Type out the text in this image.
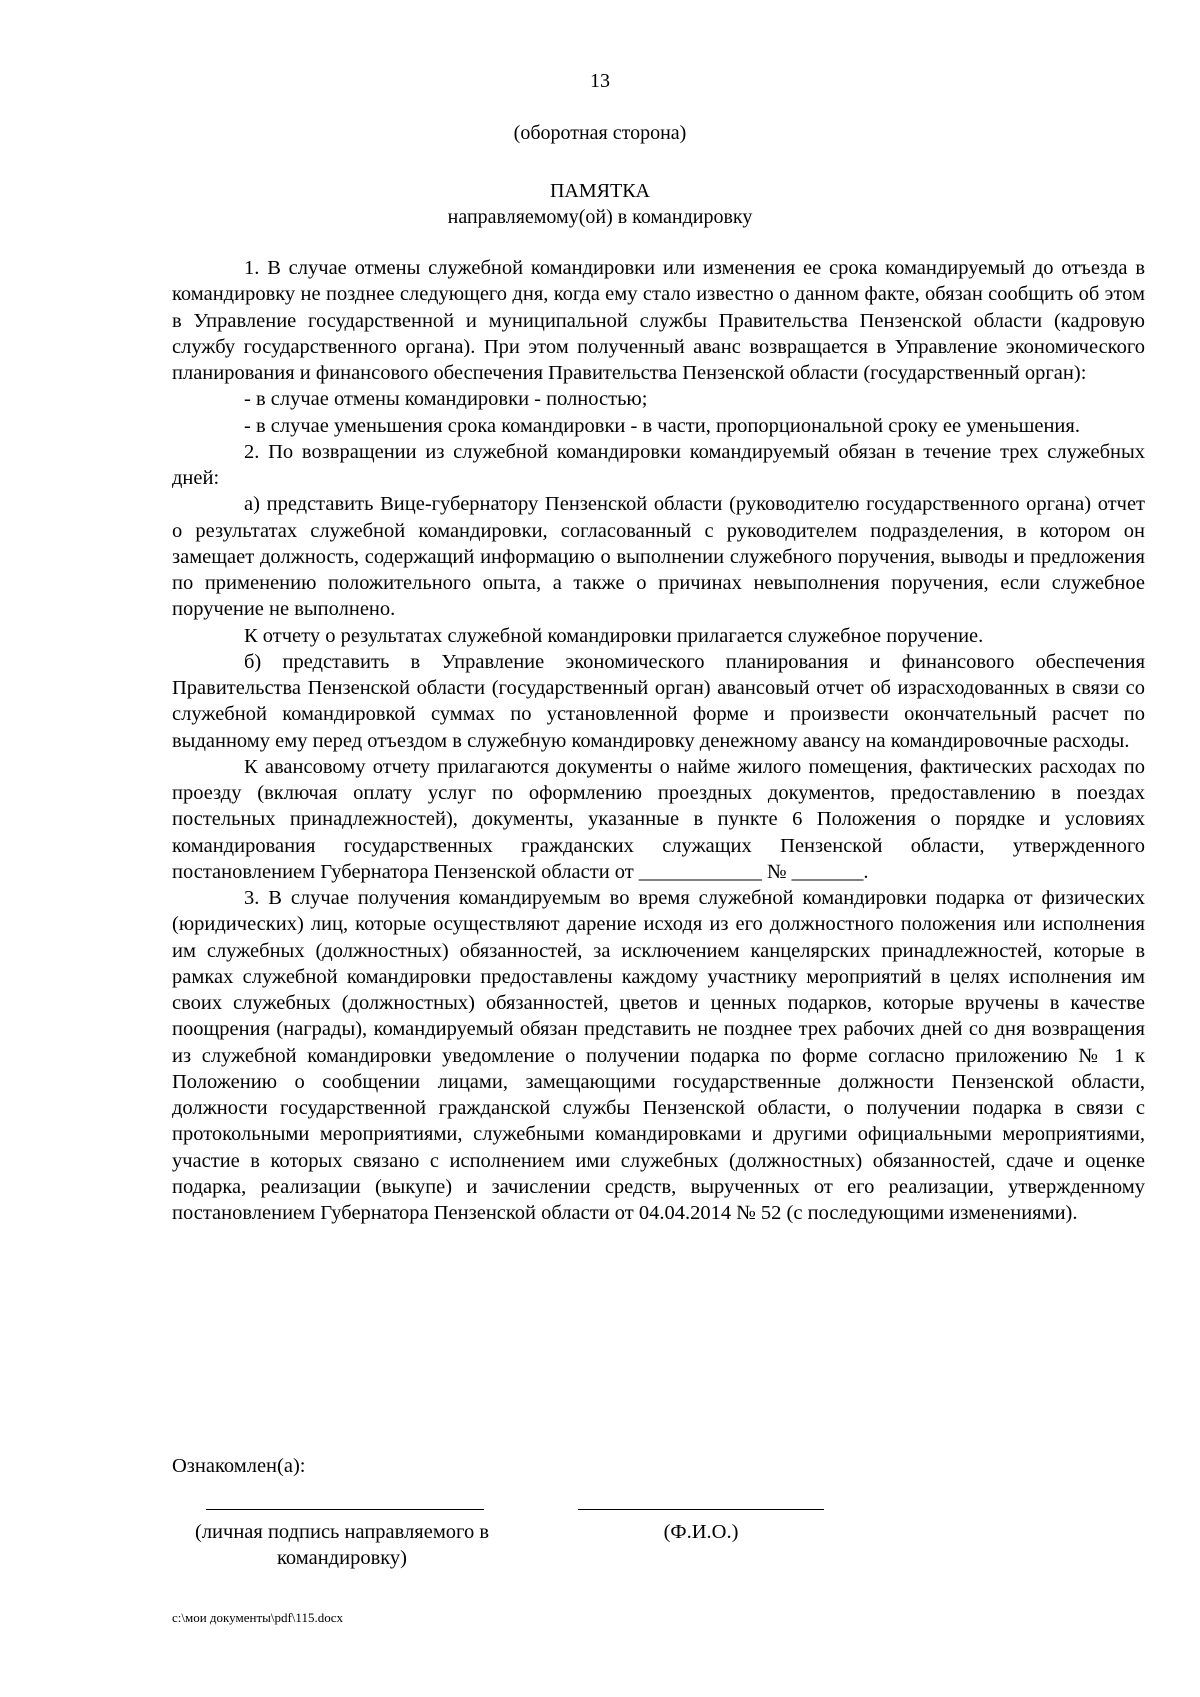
13
(оборотная сторона)
ПАМЯТКА
направляемому(ой) в командировку

1. В случае отмены служебной командировки или изменения ее срока командируемый до отъезда в командировку не позднее следующего дня, когда ему стало известно о данном факте, обязан сообщить об этом в Управление государственной и муниципальной службы Правительства Пензенской области (кадровую службу государственного органа). При этом полученный аванс возвращается в Управление экономического планирования и финансового обеспечения Правительства Пензенской области (государственный орган):

- в случае отмены командировки - полностью;

- в случае уменьшения срока командировки - в части, пропорциональной сроку ее уменьшения.

2. По возвращении из служебной командировки командируемый обязан в течение трех служебных дней:

а) представить Вице-губернатору Пензенской области (руководителю государственного органа) отчет о результатах служебной командировки, согласованный с руководителем подразделения, в котором он замещает должность, содержащий информацию о выполнении служебного поручения, выводы и предложения по применению положительного опыта, а также о причинах невыполнения поручения, если служебное поручение не выполнено.

К отчету о результатах служебной командировки прилагается служебное поручение.

б) представить в Управление экономического планирования и финансового обеспечения Правительства Пензенской области (государственный орган) авансовый отчет об израсходованных в связи со служебной командировкой суммах по установленной форме и произвести окончательный расчет по выданному ему перед отъездом в служебную командировку денежному авансу на командировочные расходы.

К авансовому отчету прилагаются документы о найме жилого помещения, фактических расходах по проезду (включая оплату услуг по оформлению проездных документов, предоставлению в поездах постельных принадлежностей), документы, указанные в пункте 6 Положения о порядке и условиях командирования государственных гражданских служащих Пензенской области, утвержденного постановлением Губернатора Пензенской области от ____________ № _______.

3. В случае получения командируемым во время служебной командировки подарка от физических (юридических) лиц, которые осуществляют дарение исходя из его должностного положения или исполнения им служебных (должностных) обязанностей, за исключением канцелярских принадлежностей, которые в рамках служебной командировки предоставлены каждому участнику мероприятий в целях исполнения им своих служебных (должностных) обязанностей, цветов и ценных подарков, которые вручены в качестве поощрения (награды), командируемый обязан представить не позднее трех рабочих дней со дня возвращения из служебной командировки уведомление о получении подарка по форме согласно приложению № 1 к Положению о сообщении лицами, замещающими государственные должности Пензенской области, должности государственной гражданской службы Пензенской области, о получении подарка в связи с протокольными мероприятиями, служебными командировками и другими официальными мероприятиями, участие в которых связано с исполнением ими служебных (должностных) обязанностей, сдаче и оценке подарка, реализации (выкупе) и зачислении средств, вырученных от его реализации, утвержденному постановлением Губернатора Пензенской области от 04.04.2014 № 52 (с последующими изменениями).

Ознакомлен(а):
(личная подпись направляемого в командировку)
(Ф.И.О.)
c:\мои документы\pdf\115.docx
